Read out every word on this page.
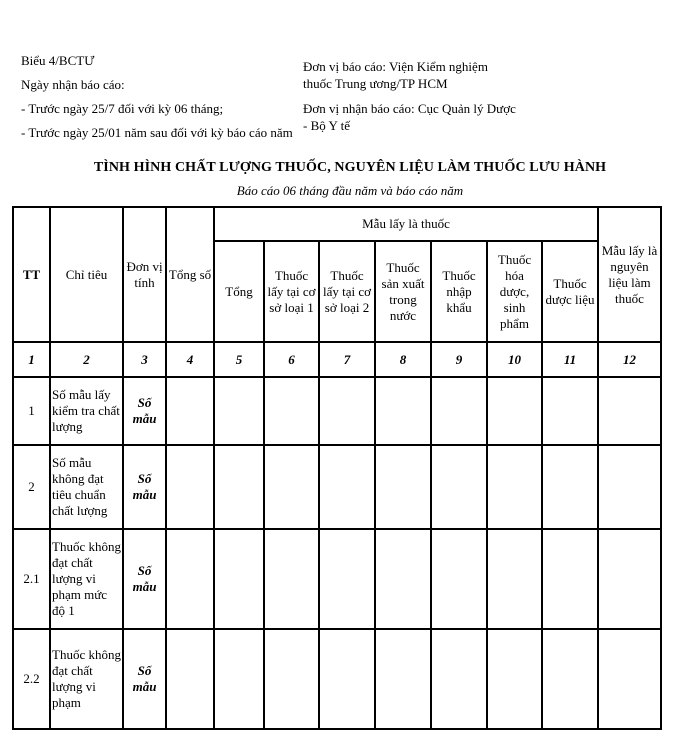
Biểu 4/BCTƯ
Ngày nhận báo cáo:
- Trước ngày 25/7 đối với kỳ 06 tháng;
- Trước ngày 25/01 năm sau đối với kỳ báo cáo năm
Đơn vị báo cáo: Viện Kiểm nghiệm
thuốc Trung ương/TP HCM
Đơn vị nhận báo cáo: Cục Quản lý Dược
- Bộ Y tế
TÌNH HÌNH CHẤT LƯỢNG THUỐC, NGUYÊN LIỆU LÀM THUỐC LƯU HÀNH
Báo cáo 06 tháng đầu năm và báo cáo năm
TT	Chỉ tiêu	Đơn vị tính	Tổng số	Mẫu lấy là thuốc							Mẫu lấy là nguyên liệu làm thuốc
				Tổng	Thuốc lấy tại cơ sở loại 1	Thuốc lấy tại cơ sở loại 2	Thuốc sản xuất trong nước	Thuốc nhập khẩu	Thuốc hóa dược, sinh phẩm	Thuốc dược liệu	
1	2	3	4	5	6	7	8	9	10	11	12
1	Số mẫu lấy kiểm tra chất lượng	Số mẫu									
2	Số mẫu không đạt tiêu chuẩn chất lượng	Số mẫu									
2.1	Thuốc không đạt chất lượng vi phạm mức độ 1	Số mẫu									
2.2	Thuốc không đạt chất lượng vi phạm	Số mẫu									
